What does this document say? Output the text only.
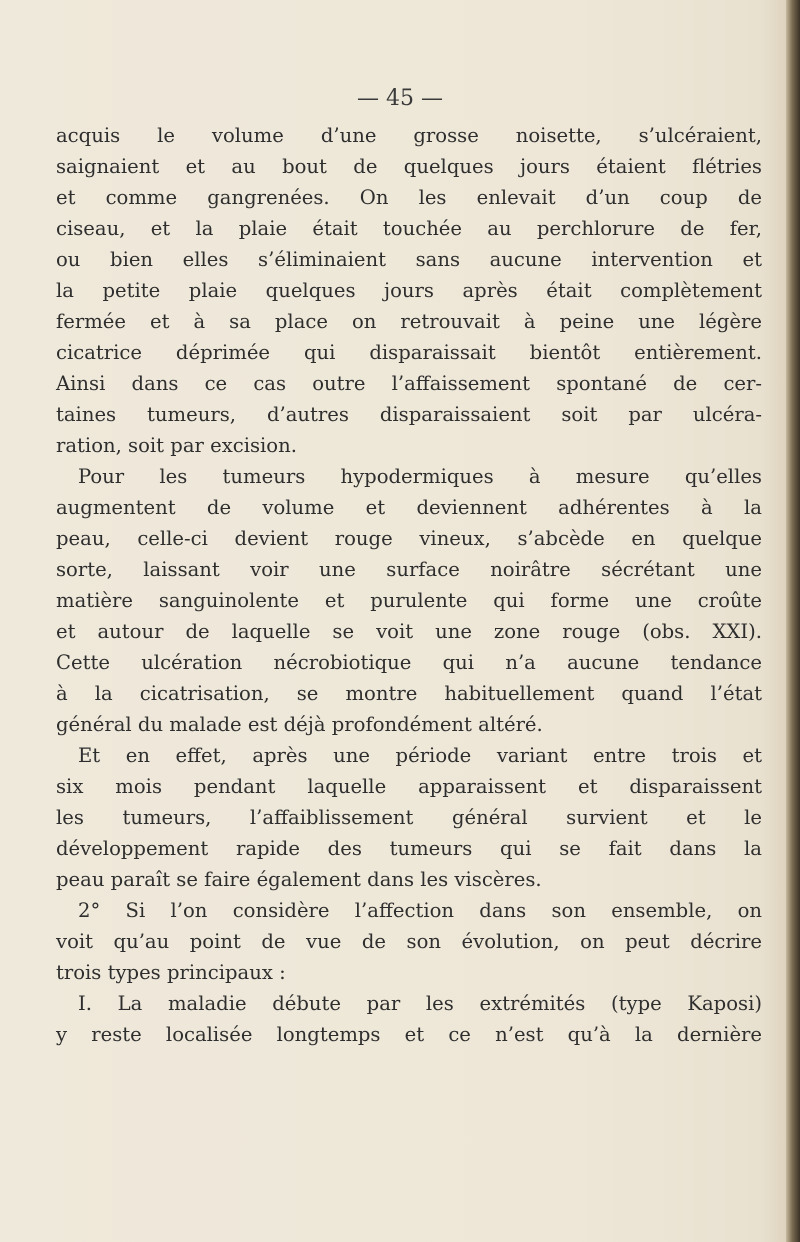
— 45 —
acquis le volume d’une grosse noisette, s’ulcéraient,
saignaient et au bout de quelques jours étaient flétries
et comme gangrenées. On les enlevait d’un coup de
ciseau, et la plaie était touchée au perchlorure de fer,
ou bien elles s’éliminaient sans aucune intervention et
la petite plaie quelques jours après était complètement
fermée et à sa place on retrouvait à peine une légère
cicatrice déprimée qui disparaissait bientôt entièrement.
Ainsi dans ce cas outre l’affaissement spontané de cer-
taines tumeurs, d’autres disparaissaient soit par ulcéra-
ration, soit par excision.
Pour les tumeurs hypodermiques à mesure qu’elles
augmentent de volume et deviennent adhérentes à la
peau, celle-ci devient rouge vineux, s’abcède en quelque
sorte, laissant voir une surface noirâtre sécrétant une
matière sanguinolente et purulente qui forme une croûte
et autour de laquelle se voit une zone rouge (obs. XXI).
Cette ulcération nécrobiotique qui n’a aucune tendance
à la cicatrisation, se montre habituellement quand l’état
général du malade est déjà profondément altéré.
Et en effet, après une période variant entre trois et
six mois pendant laquelle apparaissent et disparaissent
les tumeurs, l’affaiblissement général survient et le
développement rapide des tumeurs qui se fait dans la
peau paraît se faire également dans les viscères.
2° Si l’on considère l’affection dans son ensemble, on
voit qu’au point de vue de son évolution, on peut décrire
trois types principaux :
I. La maladie débute par les extrémités (type Kaposi)
y reste localisée longtemps et ce n’est qu’à la dernière
